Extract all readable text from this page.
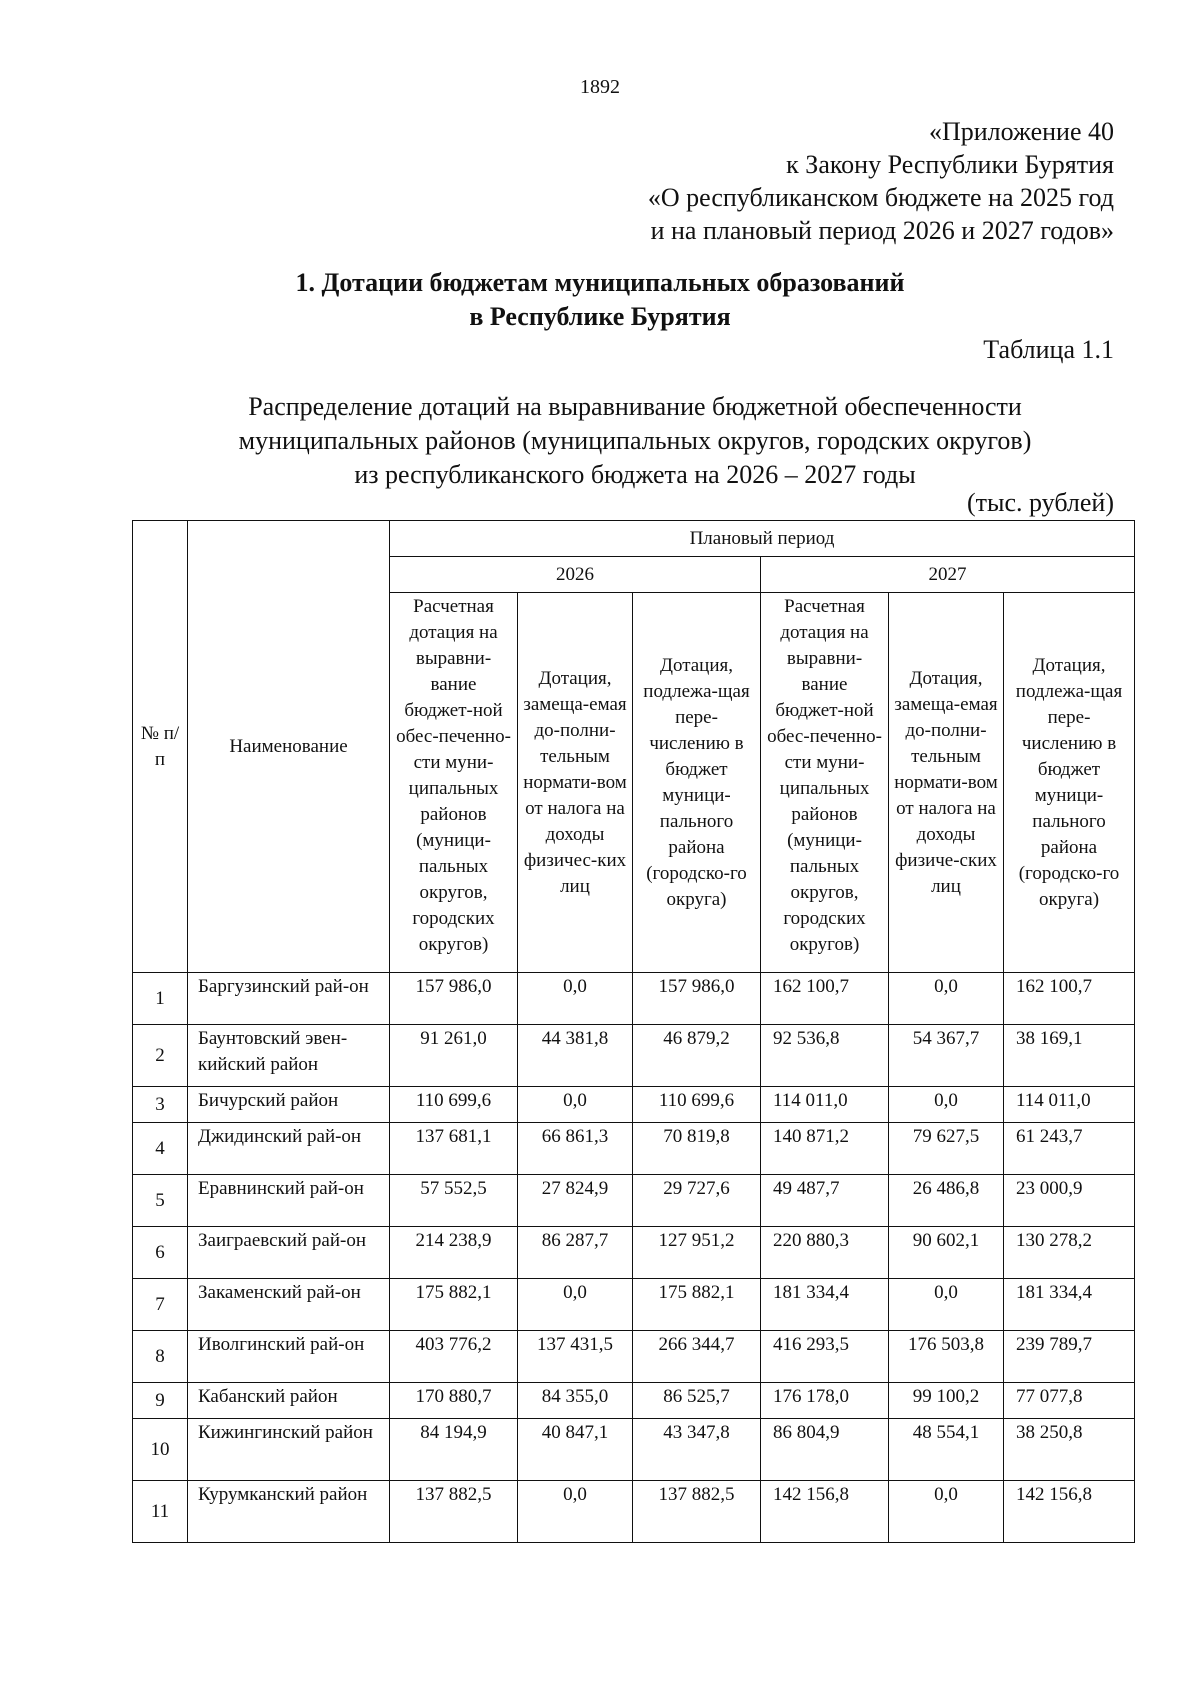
1892
«Приложение 40
к Закону Республики Бурятия
«О республиканском бюджете на 2025 год
и на плановый период 2026 и 2027 годов»
1. Дотации бюджетам муниципальных образований
в Республике Бурятия
Таблица 1.1
Распределение дотаций на выравнивание бюджетной обеспеченности
муниципальных районов (муниципальных округов, городских округов)
из республиканского бюджета на 2026 – 2027 годы
(тыс. рублей)
№ п/п	Наименование	Плановый период					
		2026			2027		
		Расчетная дотация на выравни-вание бюджет-ной обес-печенно-сти муни-ципальных районов (муници-пальных округов, городских округов)	Дотация, замеща-емая до-полни-тельным нормати-вом от налога на доходы физичес-ких лиц	Дотация, подлежа-щая пере-числению в бюджет муници-пального района (городско-го округа)	Расчетная дотация на выравни-вание бюджет-ной обес-печенно-сти муни-ципальных районов (муници-пальных округов, городских округов)	Дотация, замеща-емая до-полни-тельным нормати-вом от налога на доходы физиче-ских лиц	Дотация, подлежа-щая пере-числению в бюджет муници-пального района (городско-го округа)
1	Баргузинский рай-он	157 986,0	0,0	157 986,0	162 100,7	0,0	162 100,7
2	Баунтовский эвен-кийский район	91 261,0	44 381,8	46 879,2	92 536,8	54 367,7	38 169,1
3	Бичурский район	110 699,6	0,0	110 699,6	114 011,0	0,0	114 011,0
4	Джидинский рай-он	137 681,1	66 861,3	70 819,8	140 871,2	79 627,5	61 243,7
5	Еравнинский рай-он	57 552,5	27 824,9	29 727,6	49 487,7	26 486,8	23 000,9
6	Заиграевский рай-он	214 238,9	86 287,7	127 951,2	220 880,3	90 602,1	130 278,2
7	Закаменский рай-он	175 882,1	0,0	175 882,1	181 334,4	0,0	181 334,4
8	Иволгинский рай-он	403 776,2	137 431,5	266 344,7	416 293,5	176 503,8	239 789,7
9	Кабанский район	170 880,7	84 355,0	86 525,7	176 178,0	99 100,2	77 077,8
10	Кижингинский район	84 194,9	40 847,1	43 347,8	86 804,9	48 554,1	38 250,8
11	Курумканский район	137 882,5	0,0	137 882,5	142 156,8	0,0	142 156,8
